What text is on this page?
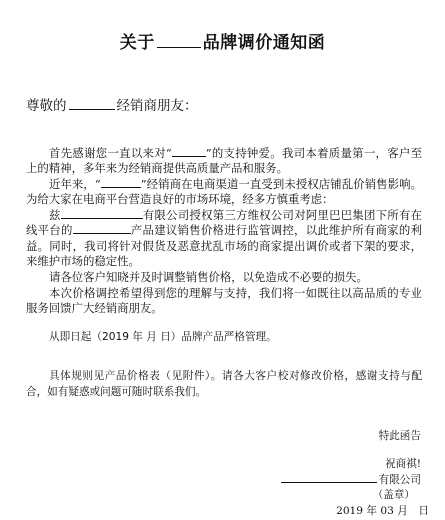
关于	品牌调价通知函
尊敬的	经销商朋友：
首先感谢您一直以来对“	”的支持钟爱。我司本着质量第一，客户至上的精神，多年来为经销商提供高质量产品和服务。
近年来，“	”经销商在电商渠道一直受到未授权店铺乱价销售影响。为给大家在电商平台营造良好的市场环境，经多方慎重考虑：
兹	有限公司授权第三方维权公司对阿里巴巴集团下所有在线平台的	产品建议销售价格进行监管调控，以此维护所有商家的利益。同时，我司将针对假货及恶意扰乱市场的商家提出调价或者下架的要求，来维护市场的稳定性。
请各位客户知晓并及时调整销售价格，以免造成不必要的损失。
本次价格调控希望得到您的理解与支持，我们将一如既往以高品质的专业服务回馈广大经销商朋友。
从即日起（2019 年 月 日）品牌产品严格管理。
具体规则见产品价格表（见附件）。请各大客户校对修改价格，感谢支持与配合，如有疑惑或问题可随时联系我们。
特此函告
祝商祺!
有限公司
（盖章）
2019 年 03 月　日
